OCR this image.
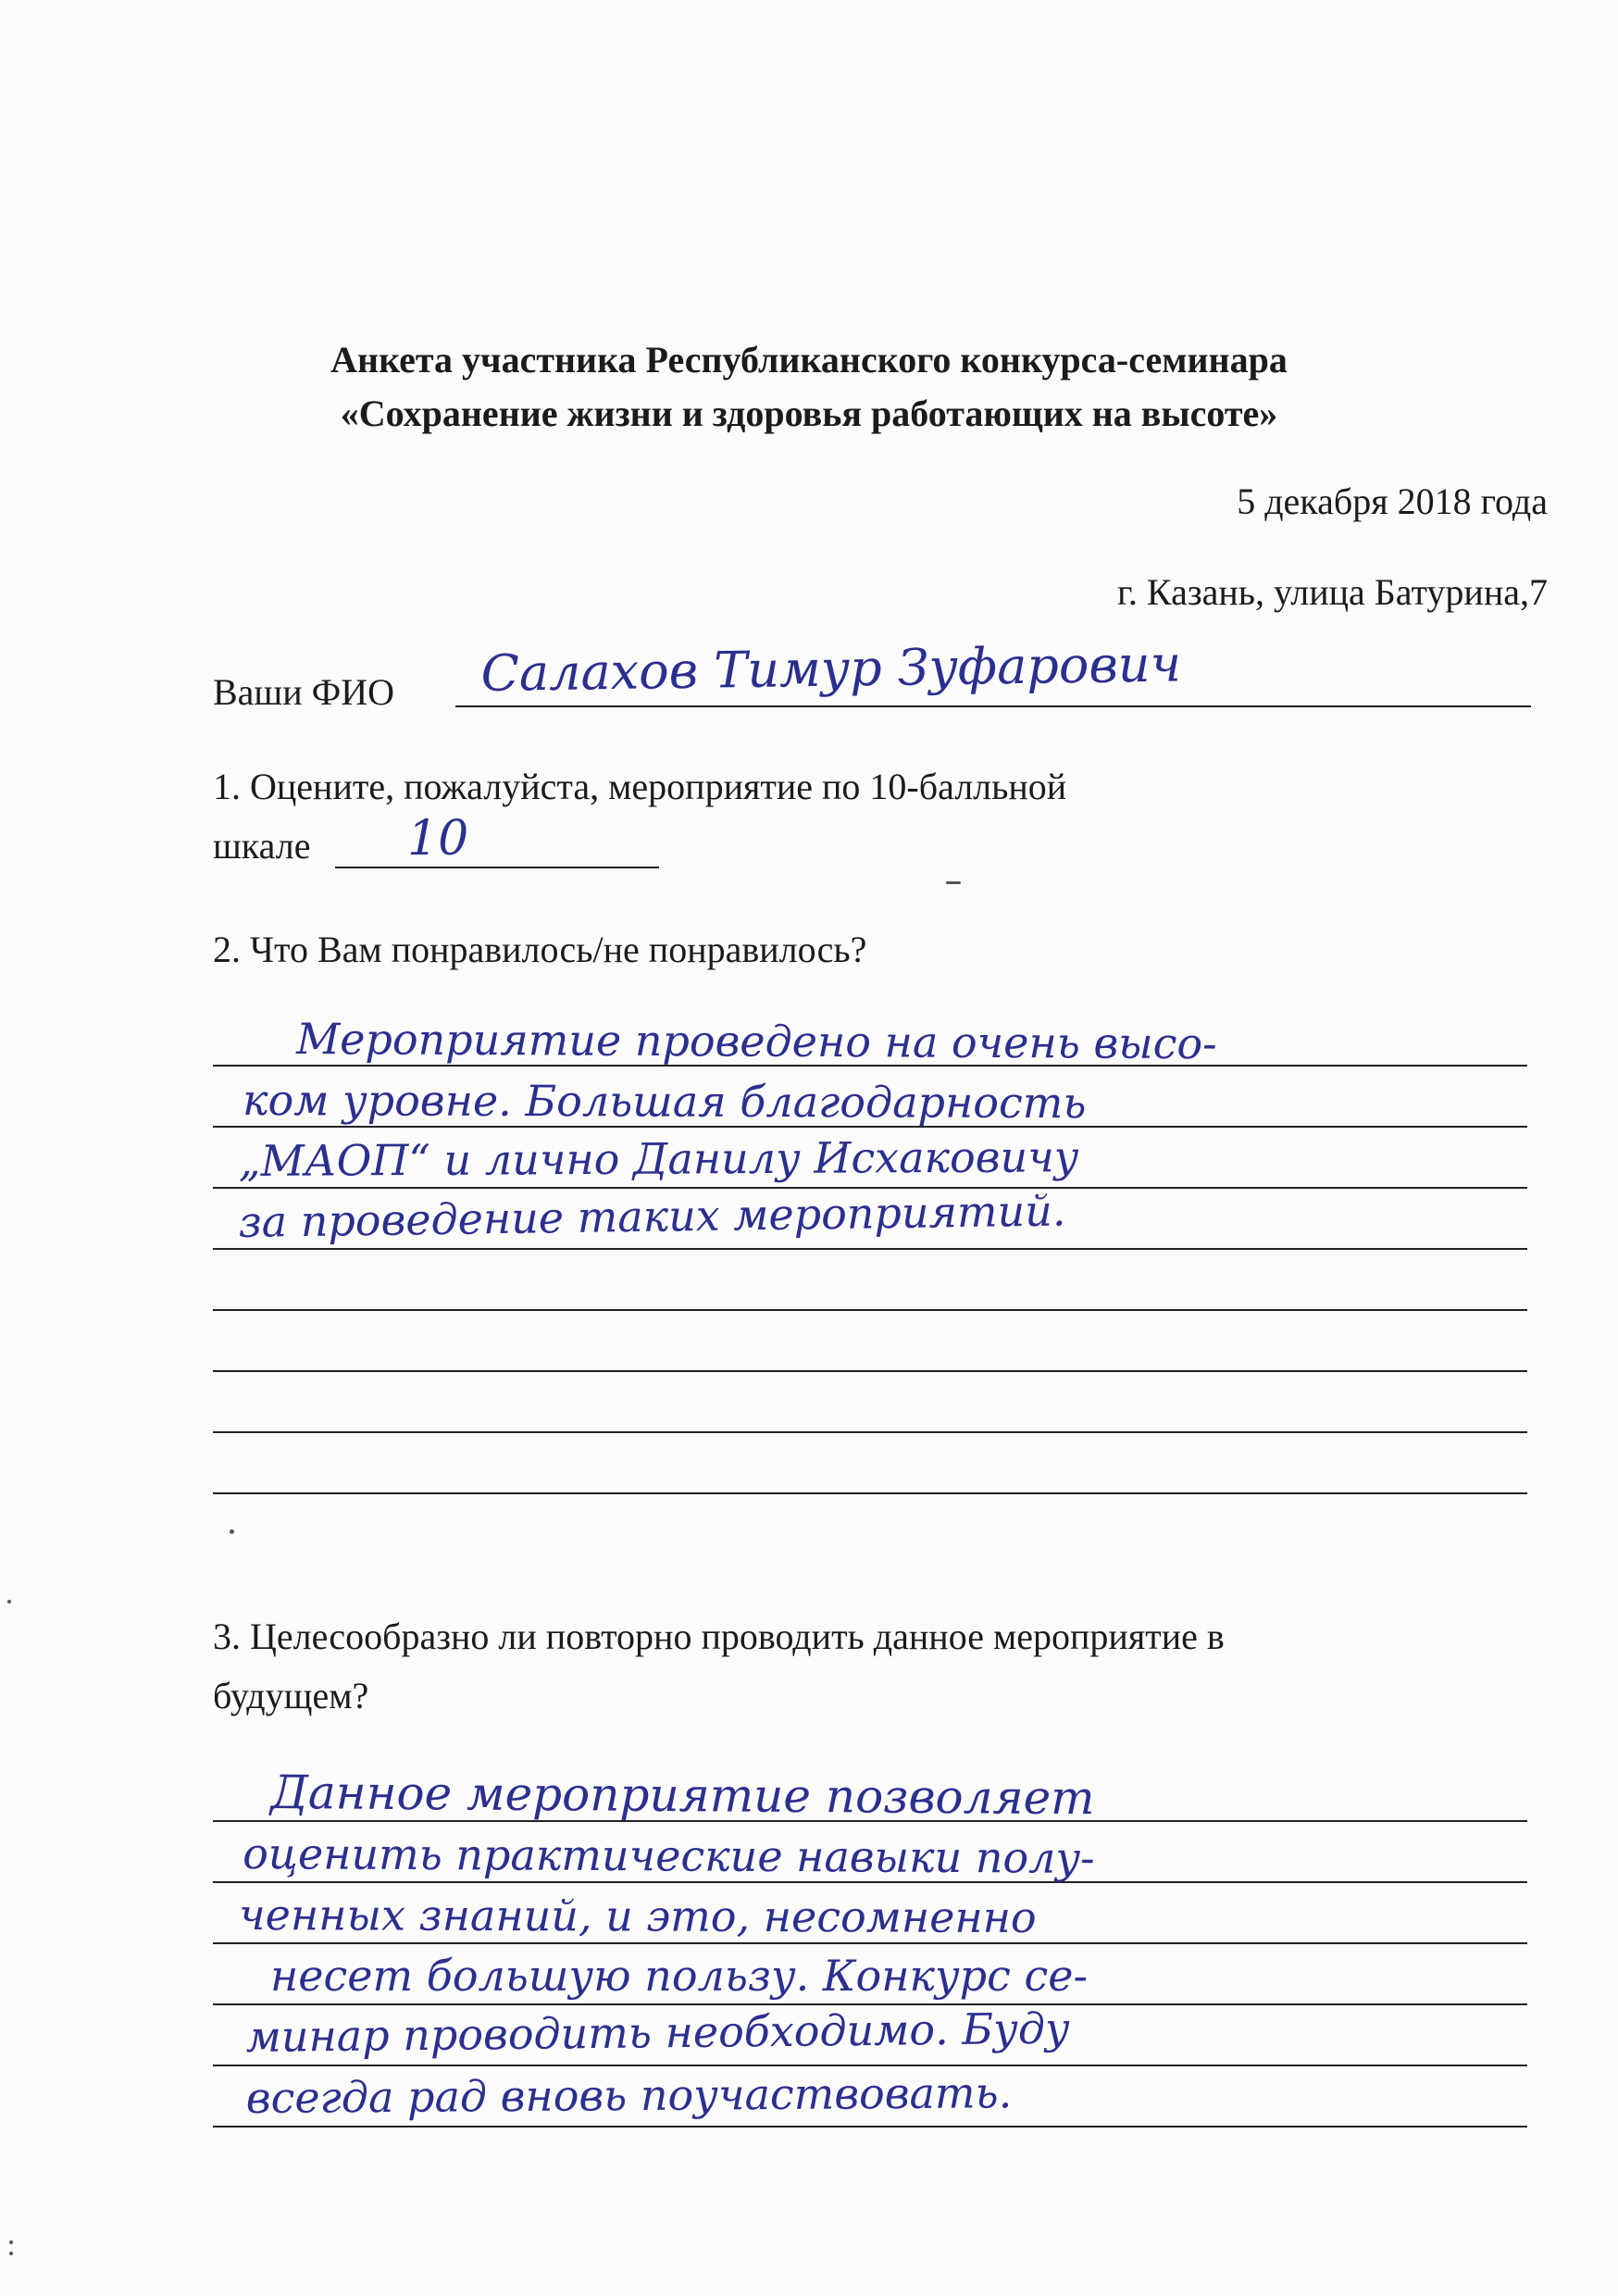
Анкета участника Республиканского конкурса-семинара
«Сохранение жизни и здоровья работающих на высоте»
5 декабря 2018 года
г. Казань, улица Батурина,7
Ваши ФИО Салахов Тимур Зуфарович
1. Оцените, пожалуйста, мероприятие по 10-балльной
шкале	10
2. Что Вам понравилось/не понравилось?
Мероприятие проведено на очень высо-
ком уровне. Большая благодарность
„МАОП“ и лично Данилу Исхаковичу
за проведение таких мероприятий.
3. Целесообразно ли повторно проводить данное мероприятие в
будущем?
Данное мероприятие позволяет
оценить практические навыки полу-
ченных знаний, и это, несомненно
несет большую пользу. Конкурс се-
минар проводить необходимо. Буду
всегда рад вновь поучаствовать.
